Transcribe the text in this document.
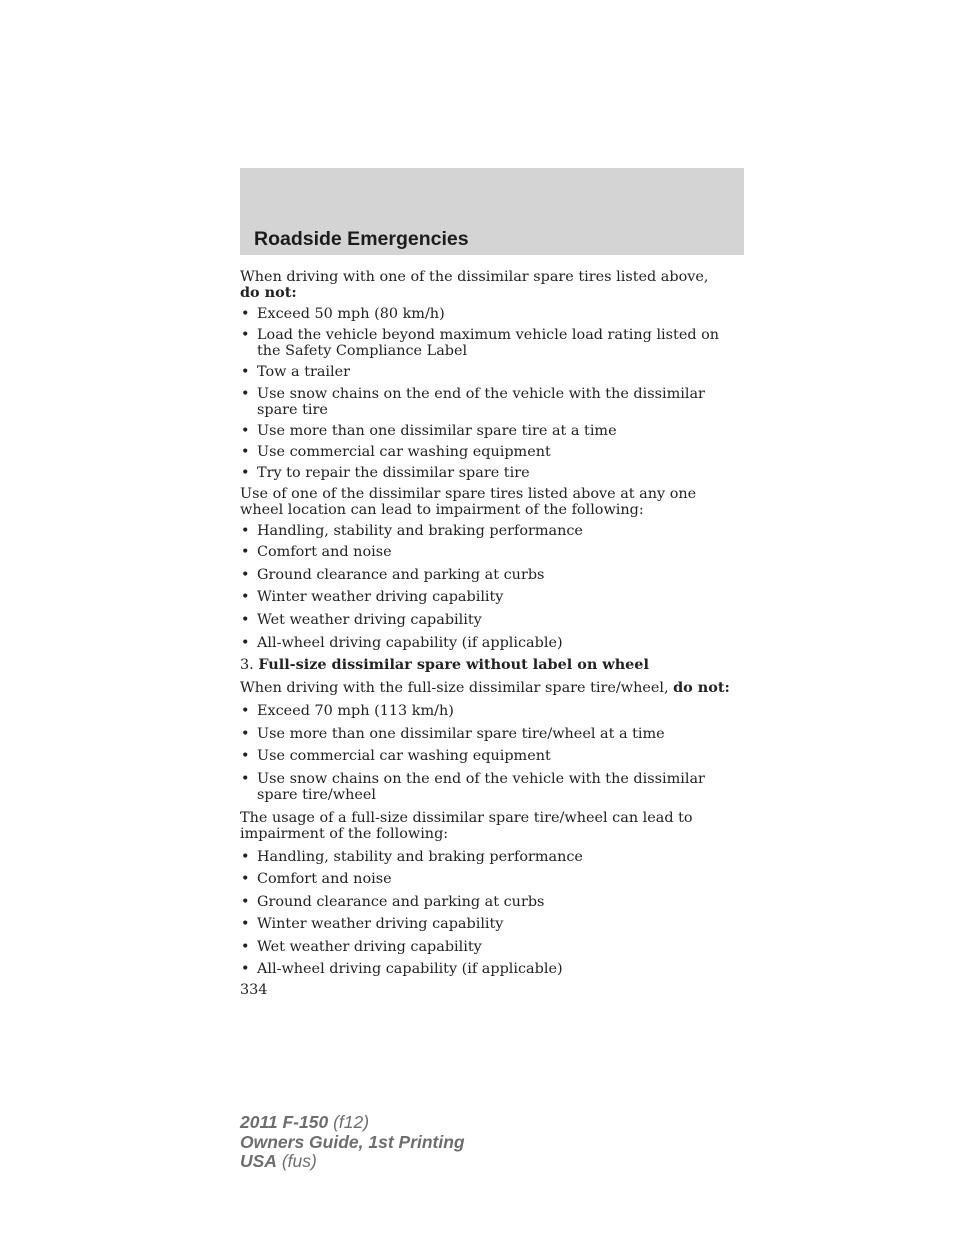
Roadside Emergencies

When driving with one of the dissimilar spare tires listed above, do not:

• Exceed 50 mph (80 km/h)
• Load the vehicle beyond maximum vehicle load rating listed on the Safety Compliance Label
• Tow a trailer
• Use snow chains on the end of the vehicle with the dissimilar spare tire
• Use more than one dissimilar spare tire at a time
• Use commercial car washing equipment
• Try to repair the dissimilar spare tire

Use of one of the dissimilar spare tires listed above at any one wheel location can lead to impairment of the following:

• Handling, stability and braking performance
• Comfort and noise
• Ground clearance and parking at curbs
• Winter weather driving capability
• Wet weather driving capability
• All-wheel driving capability (if applicable)

3. Full-size dissimilar spare without label on wheel

When driving with the full-size dissimilar spare tire/wheel, do not:

• Exceed 70 mph (113 km/h)
• Use more than one dissimilar spare tire/wheel at a time
• Use commercial car washing equipment
• Use snow chains on the end of the vehicle with the dissimilar spare tire/wheel

The usage of a full-size dissimilar spare tire/wheel can lead to impairment of the following:

• Handling, stability and braking performance
• Comfort and noise
• Ground clearance and parking at curbs
• Winter weather driving capability
• Wet weather driving capability
• All-wheel driving capability (if applicable)

334

2011 F-150 (f12)
Owners Guide, 1st Printing
USA (fus)
